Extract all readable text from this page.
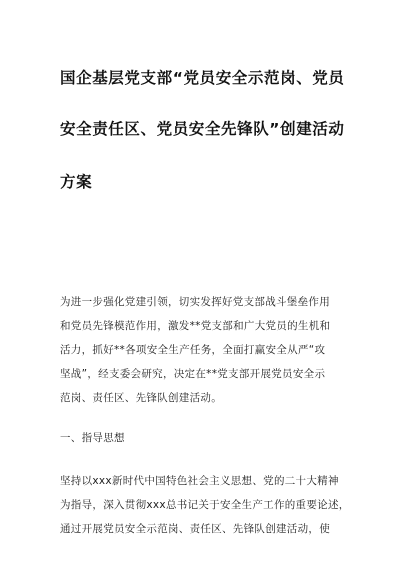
国企基层党支部“党员安全示范岗、党员
安全责任区、党员安全先锋队”创建活动
方案
为进一步强化党建引领，切实发挥好党支部战斗堡垒作用
和党员先锋模范作用，激发**党支部和广大党员的生机和
活力，抓好**各项安全生产任务，全面打赢安全从严“攻
坚战”，经支委会研究，决定在**党支部开展党员安全示
范岗、责任区、先锋队创建活动。
一、指导思想
坚持以xxx新时代中国特色社会主义思想、党的二十大精神
为指导，深入贯彻xxx总书记关于安全生产工作的重要论述，
通过开展党员安全示范岗、责任区、先锋队创建活动，使
